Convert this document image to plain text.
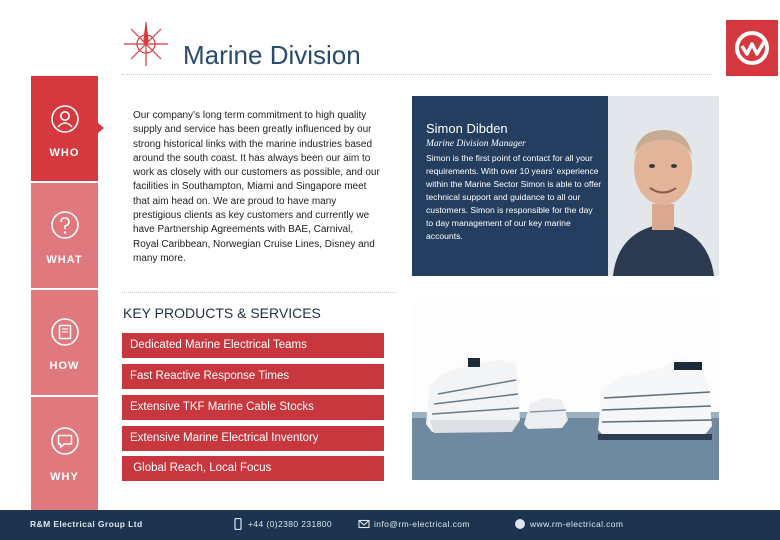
Marine Division
WHO
WHAT
HOW
WHY
Our company’s long term commitment to high quality supply and service has been greatly influenced by our strong historical links with the marine industries based around the south coast. It has always been our aim to work as closely with our customers as possible, and our facilities in Southampton, Miami and Singapore meet that aim head on. We are proud to have many prestigious clients as key customers and currently we have Partnership Agreements with BAE, Carnival, Royal Caribbean, Norwegian Cruise Lines, Disney and many more.
Simon Dibden
Marine Division Manager
Simon is the first point of contact for all your requirements. With over 10 years’ experience within the Marine Sector Simon is able to offer technical support and guidance to all our customers. Simon is responsible for the day to day management of our key marine accounts.
KEY PRODUCTS & SERVICES
Dedicated Marine Electrical Teams
Fast Reactive Response Times
Extensive TKF Marine Cable Stocks
Extensive Marine Electrical Inventory
Global Reach, Local Focus
R&M Electrical Group Ltd	+44 (0)2380 231800	info@rm-electrical.com	www.rm-electrical.com
